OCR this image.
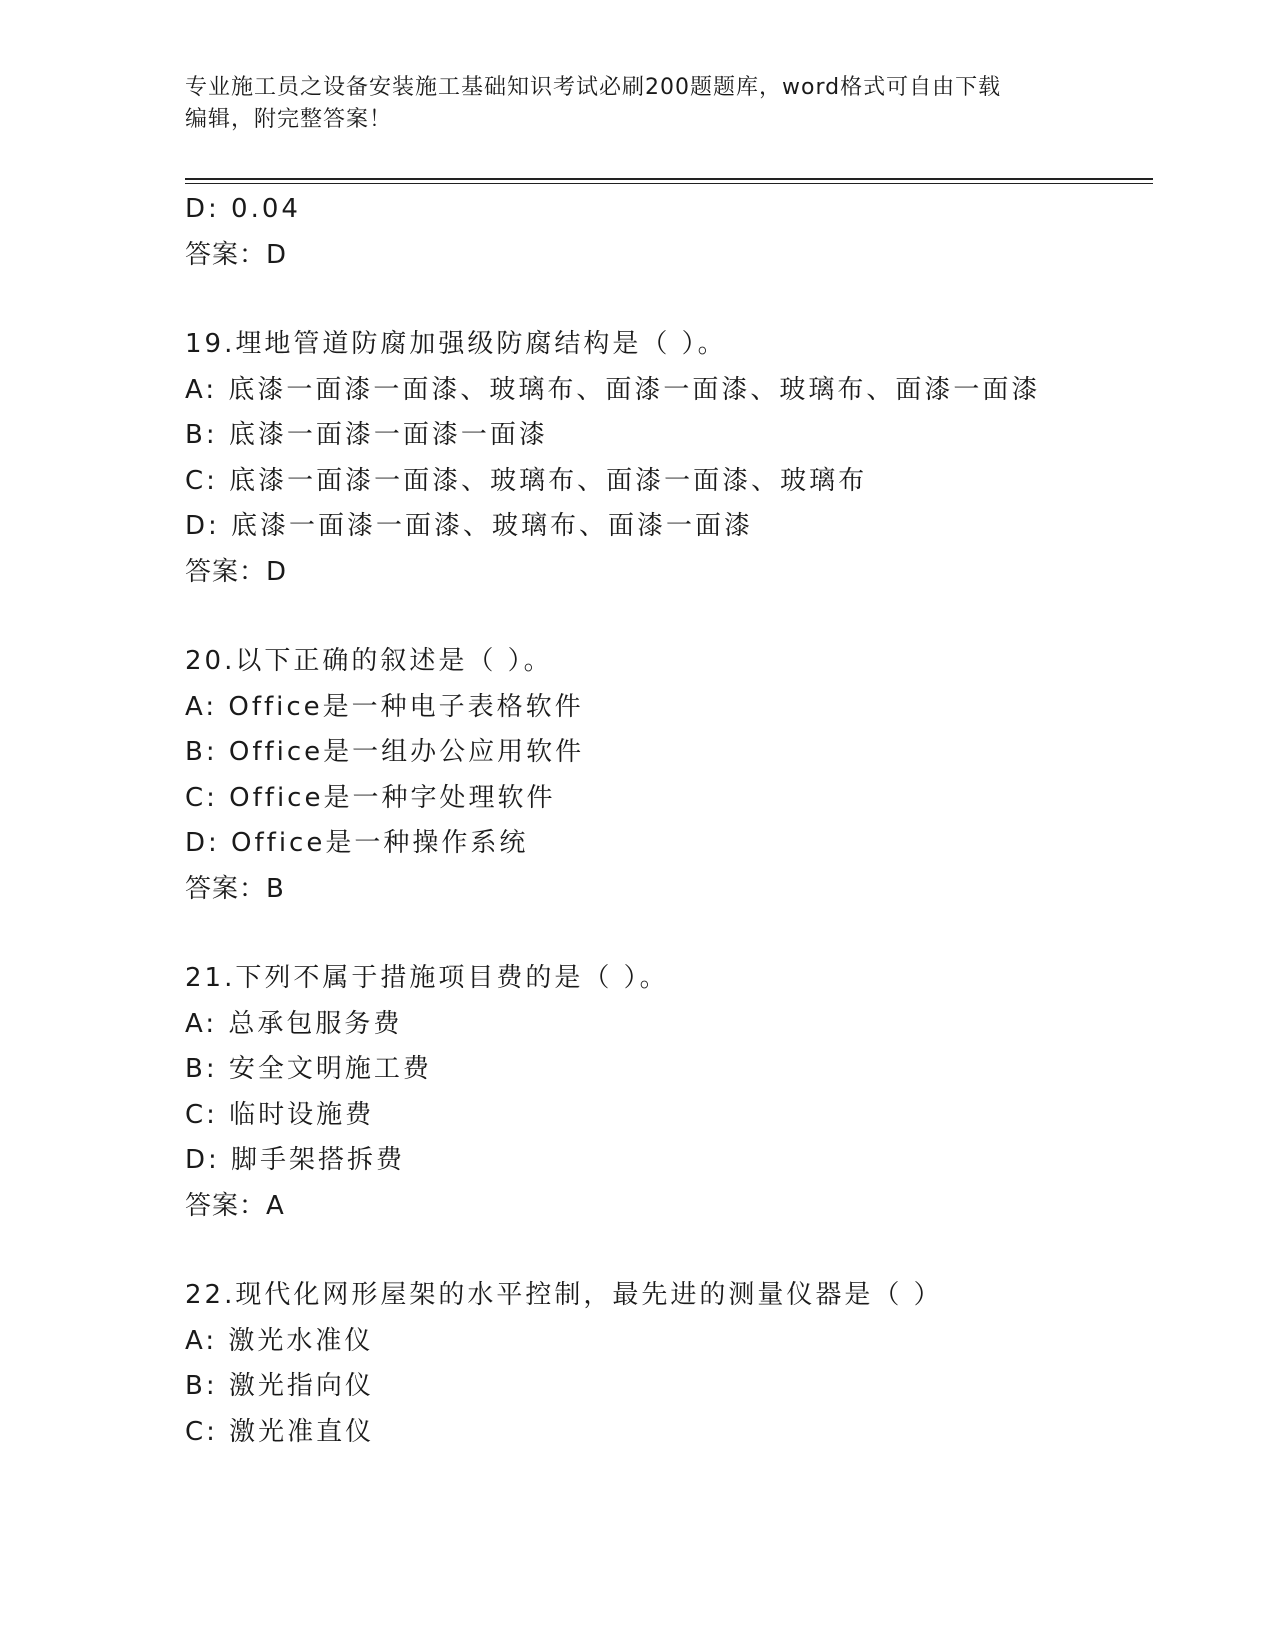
专业施工员之设备安装施工基础知识考试必刷200题题库，word格式可自由下载
编辑，附完整答案！
D: 0.04
答案：D
19.埋地管道防腐加强级防腐结构是（ ）。
A: 底漆一面漆一面漆、玻璃布、面漆一面漆、玻璃布、面漆一面漆
B: 底漆一面漆一面漆一面漆
C: 底漆一面漆一面漆、玻璃布、面漆一面漆、玻璃布
D: 底漆一面漆一面漆、玻璃布、面漆一面漆
答案：D
20.以下正确的叙述是（ ）。
A: Office是一种电子表格软件
B: Office是一组办公应用软件
C: Office是一种字处理软件
D: Office是一种操作系统
答案：B
21.下列不属于措施项目费的是（ ）。
A: 总承包服务费
B: 安全文明施工费
C: 临时设施费
D: 脚手架搭拆费
答案：A
22.现代化网形屋架的水平控制，最先进的测量仪器是（ ）
A: 激光水准仪
B: 激光指向仪
C: 激光准直仪
